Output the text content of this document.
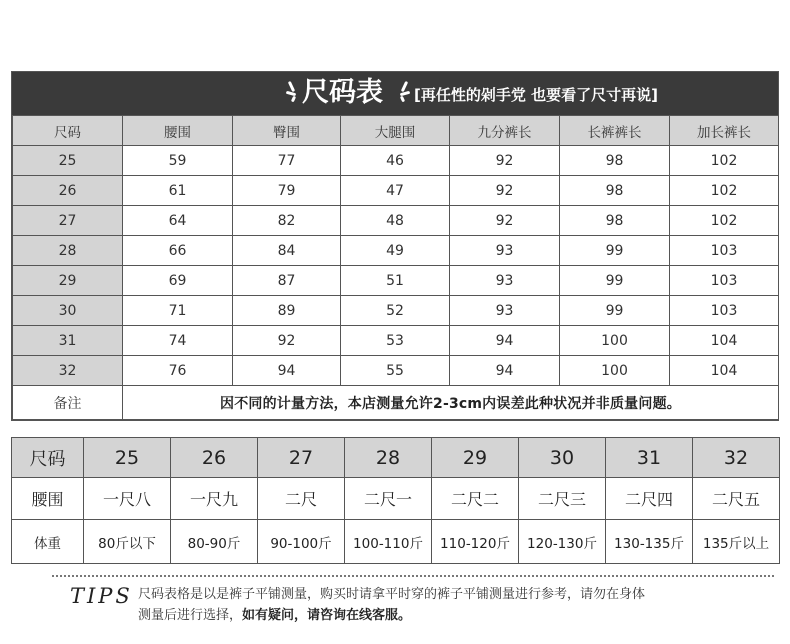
尺码表 [再任性的剁手党 也要看了尺寸再说]
尺码	腰围	臀围	大腿围	九分裤长	长裤裤长	加长裤长
25	59	77	46	92	98	102
26	61	79	47	92	98	102
27	64	82	48	92	98	102
28	66	84	49	93	99	103
29	69	87	51	93	99	103
30	71	89	52	93	99	103
31	74	92	53	94	100	104
32	76	94	55	94	100	104
备注	因不同的计量方法，本店测量允许2-3cm内误差此种状况并非质量问题。					
尺码	25	26	27	28	29	30	31	32
腰围	一尺八	一尺九	二尺	二尺一	二尺二	二尺三	二尺四	二尺五
体重	80斤以下	80-90斤	90-100斤	100-110斤	110-120斤	120-130斤	130-135斤	135斤以上
TIPS 尺码表格是以是裤子平铺测量，购买时请拿平时穿的裤子平铺测量进行参考，请勿在身体
测量后进行选择，如有疑问，请咨询在线客服。
